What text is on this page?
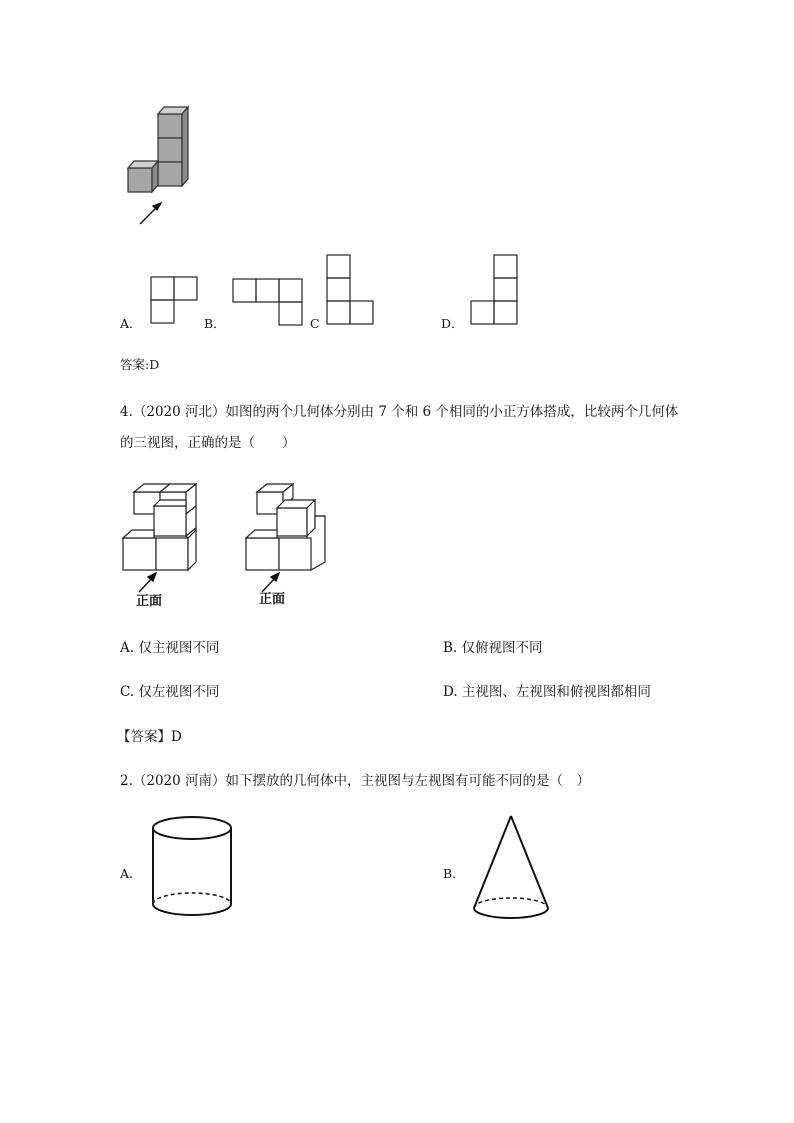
A．	B．	C	D．
答案:D
4.（2020 河北）如图的两个几何体分别由 7 个和 6 个相同的小正方体搭成，比较两个几何体
的三视图，正确的是（　　）
正面	正面
A. 仅主视图不同	B. 仅俯视图不同
C. 仅左视图不同	D. 主视图、左视图和俯视图都相同
【答案】D
2.（2020 河南）如下摆放的几何体中，主视图与左视图有可能不同的是（　）
A.	B.
